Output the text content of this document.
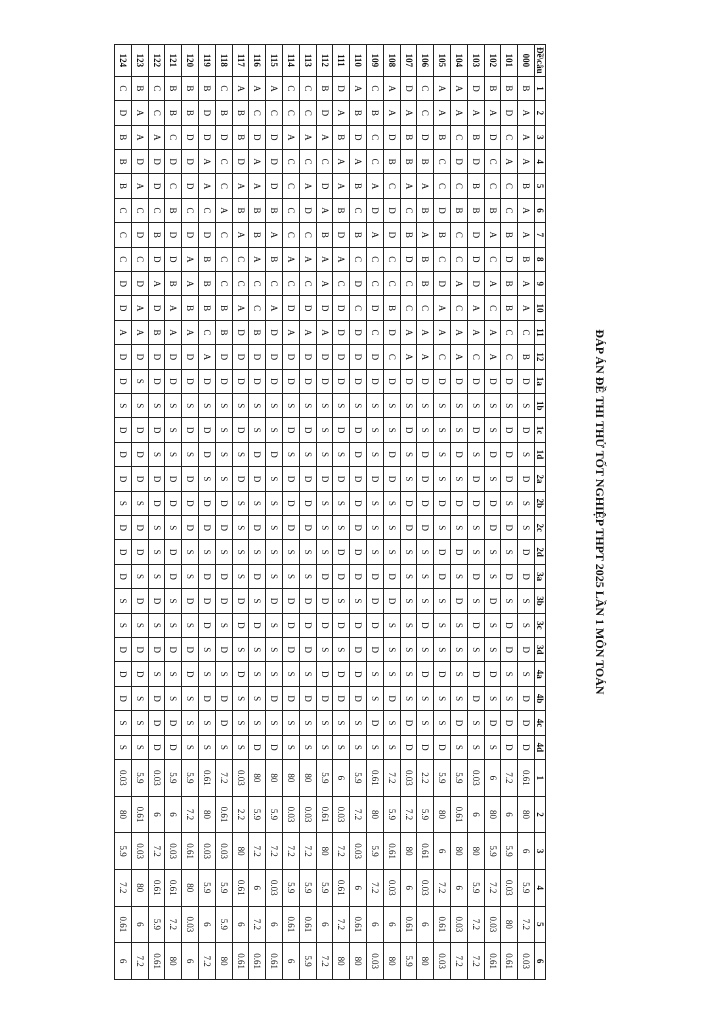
ĐÁP ÁN ĐỀ THI THỬ TỐT NGHIỆP THPT 2025 LẦN 1 MÔN TOÁN
Đề\câu	1	2	3	4	5	6	7	8	9	10	11	12	1a	1b	1c	1d	2a	2b	2c	2d	3a	3b	3c	3d	4a	4b	4c	4d	1	2	3	4	5	6
000	B	A	A	A	B	A	A	B	A	A	C	B	D	S	D	S	D	S	S	D	D	S	S	D	S	D	D	D	0.61	80	6	5.9	7.2	0.03
101	B	D	C	A	C	C	B	D	B	B	C	C	D	S	D	D	D	S	D	S	D	S	D	D	S	S	D	D	7.2	6	5.9	0.03	80	0.61
102	B	A	D	C	C	B	A	C	A	C	A	A	D	S	S	D	S	D	D	S	S	D	S	S	D	S	D	S	6	80	5.9	7.2	0.03	0.61
103	D	A	B	D	B	B	D	D	D	A	A	C	D	S	D	S	D	D	S	S	D	S	D	S	D	D	S	S	0.03	6	80	5.9	7.2	7.2
104	A	A	C	D	C	B	C	C	A	C	A	A	D	S	S	D	S	D	S	D	S	D	S	S	S	S	D	S	5.9	0.61	80	6	0.03	7.2
105	A	A	B	C	C	D	B	C	D	A	A	C	D	S	S	S	S	D	S	D	D	S	S	S	D	S	S	D	5.9	80	6	7.2	0.61	0.03
106	C	C	D	B	A	B	A	B	B	C	A	A	D	S	S	D	D	D	D	S	S	S	D	S	D	S	S	D	2.2	5.9	0.61	0.03	6	80
107	D	A	B	B	A	C	B	D	C	C	A	A	D	S	D	S	S	D	D	S	S	S	S	S	S	S	D	D	0.03	7.2	80	6	0.61	5.9
108	A	A	D	B	C	D	D	C	C	B	D	C	D	S	S	D	D	S	S	S	D	D	S	S	S	D	S	S	7.2	5.9	0.61	0.03	6	80
109	C	B	C	C	A	D	A	C	C	D	C	D	D	S	S	S	D	S	S	S	D	D	D	D	S	S	D	S	0.61	80	5.9	7.2	6	0.03
110	A	B	D	A	B	C	B	C	D	C	D	D	D	S	D	D	D	D	D	D	D	S	D	D	D	D	S	S	5.9	7.2	0.03	6	0.61	80
111	D	A	B	A	A	B	D	A	C	D	D	D	D	S	D	S	D	S	S	D	D	S	D	S	D	D	S	S	6	0.03	7.2	0.61	7.2	80
112	B	D	A	C	D	A	B	A	A	D	A	D	D	S	S	S	D	S	S	S	D	D	D	S	D	D	S	S	5.9	0.61	80	5.9	6	7.2
113	C	C	A	C	A	D	C	A	C	D	A	D	D	S	D	S	D	D	D	S	S	D	D	D	S	D	S	S	80	0.03	7.2	5.9	0.61	5.9
114	C	C	A	C	C	C	C	A	C	D	A	D	D	S	D	S	D	D	D	S	S	D	D	D	S	D	S	S	80	0.03	7.2	5.9	0.61	6
115	A	C	D	D	D	B	A	B	C	A	D	D	D	S	S	D	S	S	S	S	S	D	S	S	S	D	S	D	80	5.9	7.2	0.03	6	0.61
116	A	C	D	A	A	B	B	A	C	C	B	D	D	S	S	D	D	S	D	S	D	S	D	S	S	S	S	D	80	5.9	7.2	6	7.2	0.61
117	A	B	B	D	A	B	A	C	C	A	D	D	D	S	D	S	D	S	S	S	S	D	D	S	D	S	S	S	0.03	2.2	80	0.61	6	0.61
118	C	B	D	C	C	A	C	C	C	B	B	D	D	S	S	S	S	D	D	S	D	D	S	D	S	D	D	S	7.2	0.61	0.03	5.9	5.9	80
119	B	D	D	A	A	C	D	B	B	B	C	A	D	S	D	D	S	D	D	S	D	D	D	S	S	D	S	S	0.61	80	0.03	5.9	6	7.2
120	B	B	D	D	D	C	D	A	A	B	A	D	D	S	D	S	D	D	D	S	S	D	S	D	D	S	S	S	5.9	7.2	0.61	80	0.03	6
121	B	B	C	D	C	B	D	D	B	A	A	D	D	S	S	S	D	D	S	D	D	S	S	D	S	S	D	D	5.9	6	0.03	0.61	7.2	80
122	C	C	A	D	D	C	B	D	A	D	B	D	D	S	D	S	D	D	S	S	S	D	S	D	S	D	D	D	0.03	6	7.2	0.61	5.9	0.61
123	B	A	A	D	A	C	D	C	D	A	A	D	S	S	D	D	D	S	D	D	S	D	S	D	D	S	S	S	5.9	0.61	0.03	80	6	7.2
124	C	D	B	B	B	C	C	C	D	D	A	D	D	S	D	D	D	S	D	D	D	S	S	D	D	D	S	S	0.03	80	5.9	7.2	0.61	6
